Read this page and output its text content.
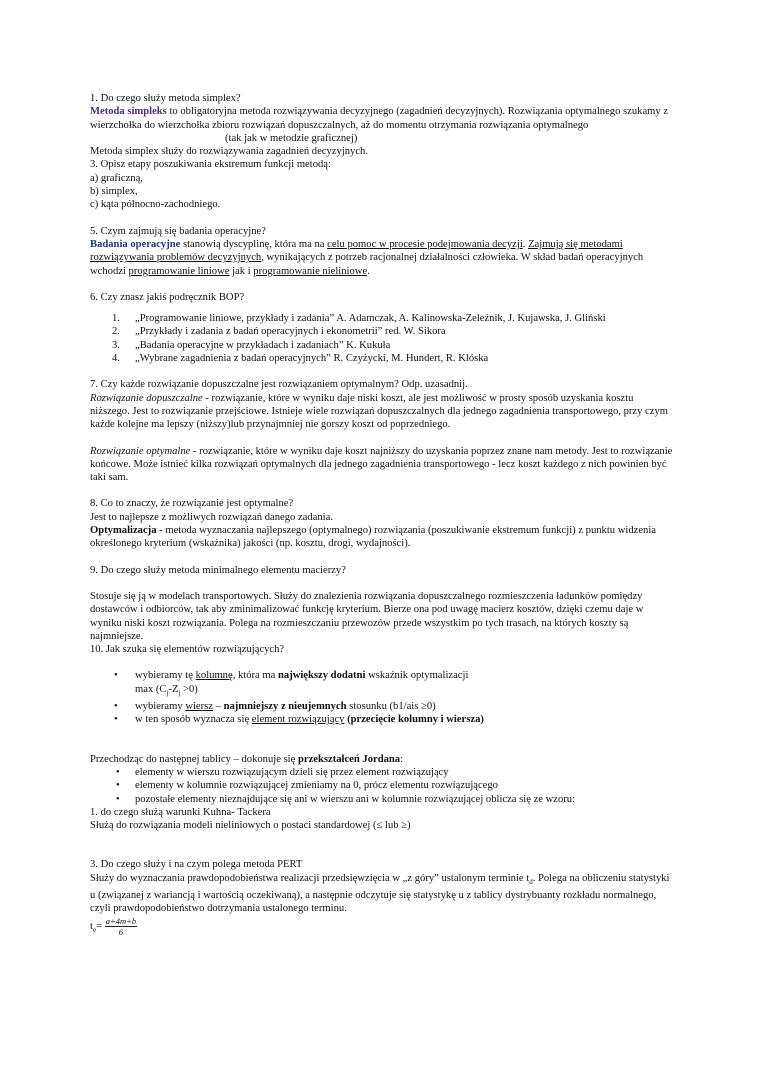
1. Do czego służy metoda simplex?

Metoda simpleks to obligatoryjna metoda rozwiązywania decyzyjnego (zagadnień decyzyjnych). Rozwiązania optymalnego szukamy z wierzchołka do wierzchołka zbioru rozwiązań dopuszczalnych, aż do momentu otrzymania rozwiązania optymalnego

(tak jak w metodzie graficznej)

Metoda simplex służy do rozwiązywania zagadnień decyzyjnych.

3. Opisz etapy poszukiwania ekstremum funkcji metodą:

a) graficzną,

b) simplex,

c) kąta północno-zachodniego.

5. Czym zajmują się badania operacyjne?

Badania operacyjne stanowią dyscyplinę, która ma na celu pomoc w procesie podejmowania decyzji. Zajmują się metodami rozwiązywania problemów decyzyjnych, wynikających z potrzeb racjonalnej działalności człowieka. W skład badań operacyjnych wchodzi programowanie liniowe jak i programowanie nieliniowe.

6. Czy znasz jakiś podręcznik BOP?

1. „Programowanie liniowe, przykłady i zadania” A. Adamczak, A. Kalinowska-Zeleźnik, J. Kujawska, J. Gliński
2. „Przykłady i zadania z badań operacyjnych i ekonometrii” red. W. Sikora
3. „Badania operacyjne w przykładach i zadaniach” K. Kukuła
4. „Wybrane zagadnienia z badań operacyjnych” R. Czyżycki, M. Hundert, R. Klóska

7. Czy każde rozwiązanie dopuszczalne jest rozwiązaniem optymalnym? Odp. uzasadnij.

Rozwiązanie dopuszczalne - rozwiązanie, które w wyniku daje niski koszt, ale jest możliwość w prosty sposób uzyskania kosztu niższego. Jest to rozwiązanie przejściowe. Istnieje wiele rozwiązań dopuszczalnych dla jednego zagadnienia transportowego, przy czym każde kolejne ma lepszy (niższy)lub przynajmniej nie gorszy koszt od poprzedniego.

Rozwiązanie optymalne - rozwiązanie, które w wyniku daje koszt najniższy do uzyskania poprzez znane nam metody. Jest to rozwiązanie końcowe. Może istnieć kilka rozwiązań optymalnych dla jednego zagadnienia transportowego - lecz koszt każdego z nich powinien być taki sam.

8. Co to znaczy, że rozwiązanie jest optymalne?

Jest to najlepsze z możliwych rozwiązań danego zadania.

Optymalizacja - metoda wyznaczania najlepszego (optymalnego) rozwiązania (poszukiwanie ekstremum funkcji) z punktu widzenia określonego kryterium (wskaźnika) jakości (np. kosztu, drogi, wydajności).

9. Do czego służy metoda minimalnego elementu macierzy?

Stosuje się ją w modelach transportowych. Służy do znalezienia rozwiązania dopuszczalnego rozmieszczenia ładunków pomiędzy dostawców i odbiorców, tak aby zminimalizować funkcję kryterium. Bierze ona pod uwagę macierz kosztów, dzięki czemu daje w wyniku niski koszt rozwiązania. Polega na rozmieszczaniu przewozów przede wszystkim po tych trasach, na których koszty są najmniejsze.

10. Jak szuka się elementów rozwiązujących?

• wybieramy tę kolumnę, która ma największy dodatni wskaźnik optymalizacji
$\max (C_j-Z_j >0)$
• wybieramy wiersz – najmniejszy z nieujemnych stosunku (b1/ais ≥0)
• w ten sposób wyznacza się element rozwiązujący (przecięcie kolumny i wiersza)

Przechodząc do następnej tablicy – dokonuje się przekształceń Jordana:

• elementy w wierszu rozwiązującym dzieli się przez element rozwiązujący
• elementy w kolumnie rozwiązującej zmieniamy na 0, prócz elementu rozwiązującego
• pozostałe elementy nieznajdujące się ani w wierszu ani w kolumnie rozwiązującej oblicza się ze wzoru:

1. do czego służą warunki Kuhna- Tackera

Służą do rozwiązania modeli nieliniowych o postaci standardowej (≤ lub ≥)

3. Do czego służy i na czym polega metoda PERT

Służy do wyznaczania prawdopodobieństwa realizacji przedsięwzięcia w „z góry” ustalonym terminie $t_d$. Polega na obliczeniu statystyki u (związanej z wariancją i wartością oczekiwaną), a następnie odczytuje się statystykę u z tablicy dystrybuanty rozkładu normalnego, czyli prawdopodobieństwo dotrzymania ustalonego terminu.

$t_e= \frac{a+4m+b}{6}$
